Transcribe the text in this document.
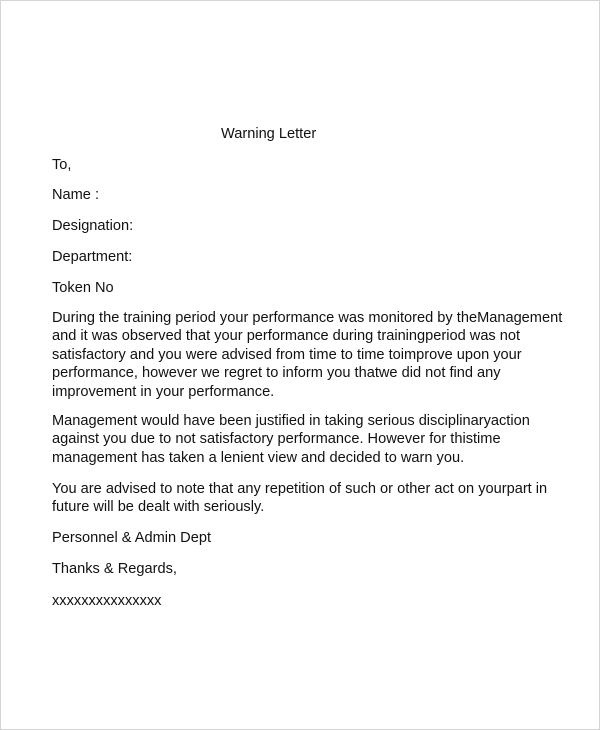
Warning Letter
To,
Name :
Designation:
Department:
Token No
During the training period your performance was monitored by theManagement
and it was observed that your performance during trainingperiod was not
satisfactory and you were advised from time to time toimprove upon your
performance, however we regret to inform you thatwe did not find any
improvement in your performance.
Management would have been justified in taking serious disciplinaryaction
against you due to not satisfactory performance. However for thistime
management has taken a lenient view and decided to warn you.
You are advised to note that any repetition of such or other act on yourpart in
future will be dealt with seriously.
Personnel & Admin Dept
Thanks & Regards,
xxxxxxxxxxxxxxx
